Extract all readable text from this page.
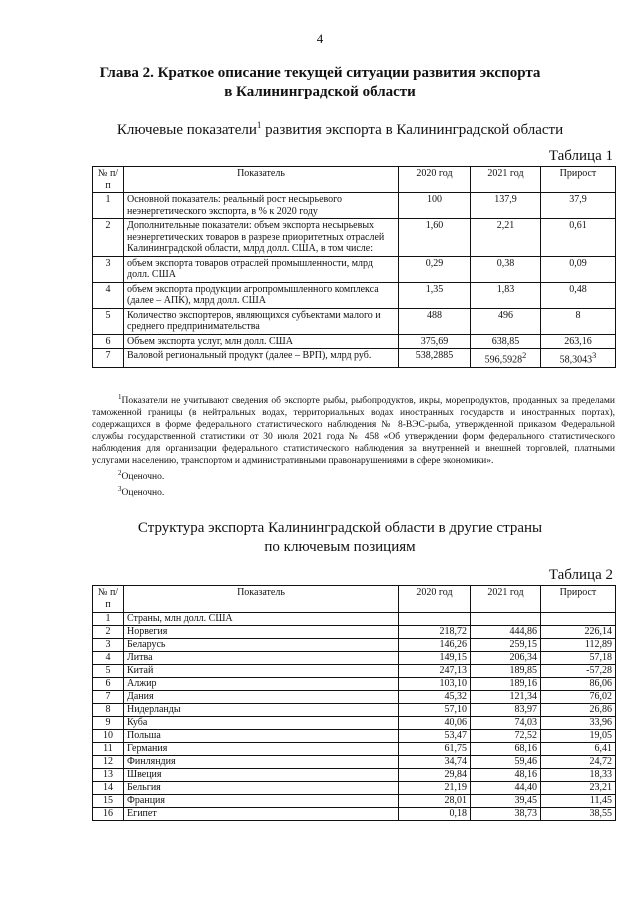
4
Глава 2. Краткое описание текущей ситуации развития экспорта
в Калининградской области
Ключевые показатели$^1$ развития экспорта в Калининградской области
Таблица 1
№ п/п	Показатель	2020 год	2021 год	Прирост
1	Основной показатель: реальный рост несырьевого неэнергетического экспорта, в % к 2020 году	100	137,9	37,9
2	Дополнительные показатели: объем экспорта несырьевых неэнергетических товаров в разрезе приоритетных отраслей Калининградской области, млрд долл. США, в том числе:	1,60	2,21	0,61
3	объем экспорта товаров отраслей промышленности, млрд долл. США	0,29	0,38	0,09
4	объем экспорта продукции агропромышленного комплекса (далее – АПК), млрд долл. США	1,35	1,83	0,48
5	Количество экспортеров, являющихся субъектами малого и среднего предпринимательства	488	496	8
6	Объем экспорта услуг, млн долл. США	375,69	638,85	263,16
7	Валовой региональный продукт (далее – ВРП), млрд руб.	538,2885	596,5928$^2$	58,3043$^3$

$^1$Показатели не учитывают сведения об экспорте рыбы, рыбопродуктов, икры, морепродуктов, проданных за пределами таможенной границы (в нейтральных водах, территориальных водах иностранных государств и иностранных портах), содержащихся в форме федерального статистического наблюдения № 8-ВЭС-рыба, утвержденной приказом Федеральной службы государственной статистики от 30 июля 2021 года № 458 «Об утверждении форм федерального статистического наблюдения для организации федерального статистического наблюдения за внутренней и внешней торговлей, платными услугами населению, транспортом и административными правонарушениями в сфере экономики».

$^2$Оценочно.

$^3$Оценочно.

Структура экспорта Калининградской области в другие страны
по ключевым позициям
Таблица 2
№ п/п	Показатель	2020 год	2021 год	Прирост
1	Страны, млн долл. США			
2	Норвегия	218,72	444,86	226,14
3	Беларусь	146,26	259,15	112,89
4	Литва	149,15	206,34	57,18
5	Китай	247,13	189,85	-57,28
6	Алжир	103,10	189,16	86,06
7	Дания	45,32	121,34	76,02
8	Нидерланды	57,10	83,97	26,86
9	Куба	40,06	74,03	33,96
10	Польша	53,47	72,52	19,05
11	Германия	61,75	68,16	6,41
12	Финляндия	34,74	59,46	24,72
13	Швеция	29,84	48,16	18,33
14	Бельгия	21,19	44,40	23,21
15	Франция	28,01	39,45	11,45
16	Египет	0,18	38,73	38,55
